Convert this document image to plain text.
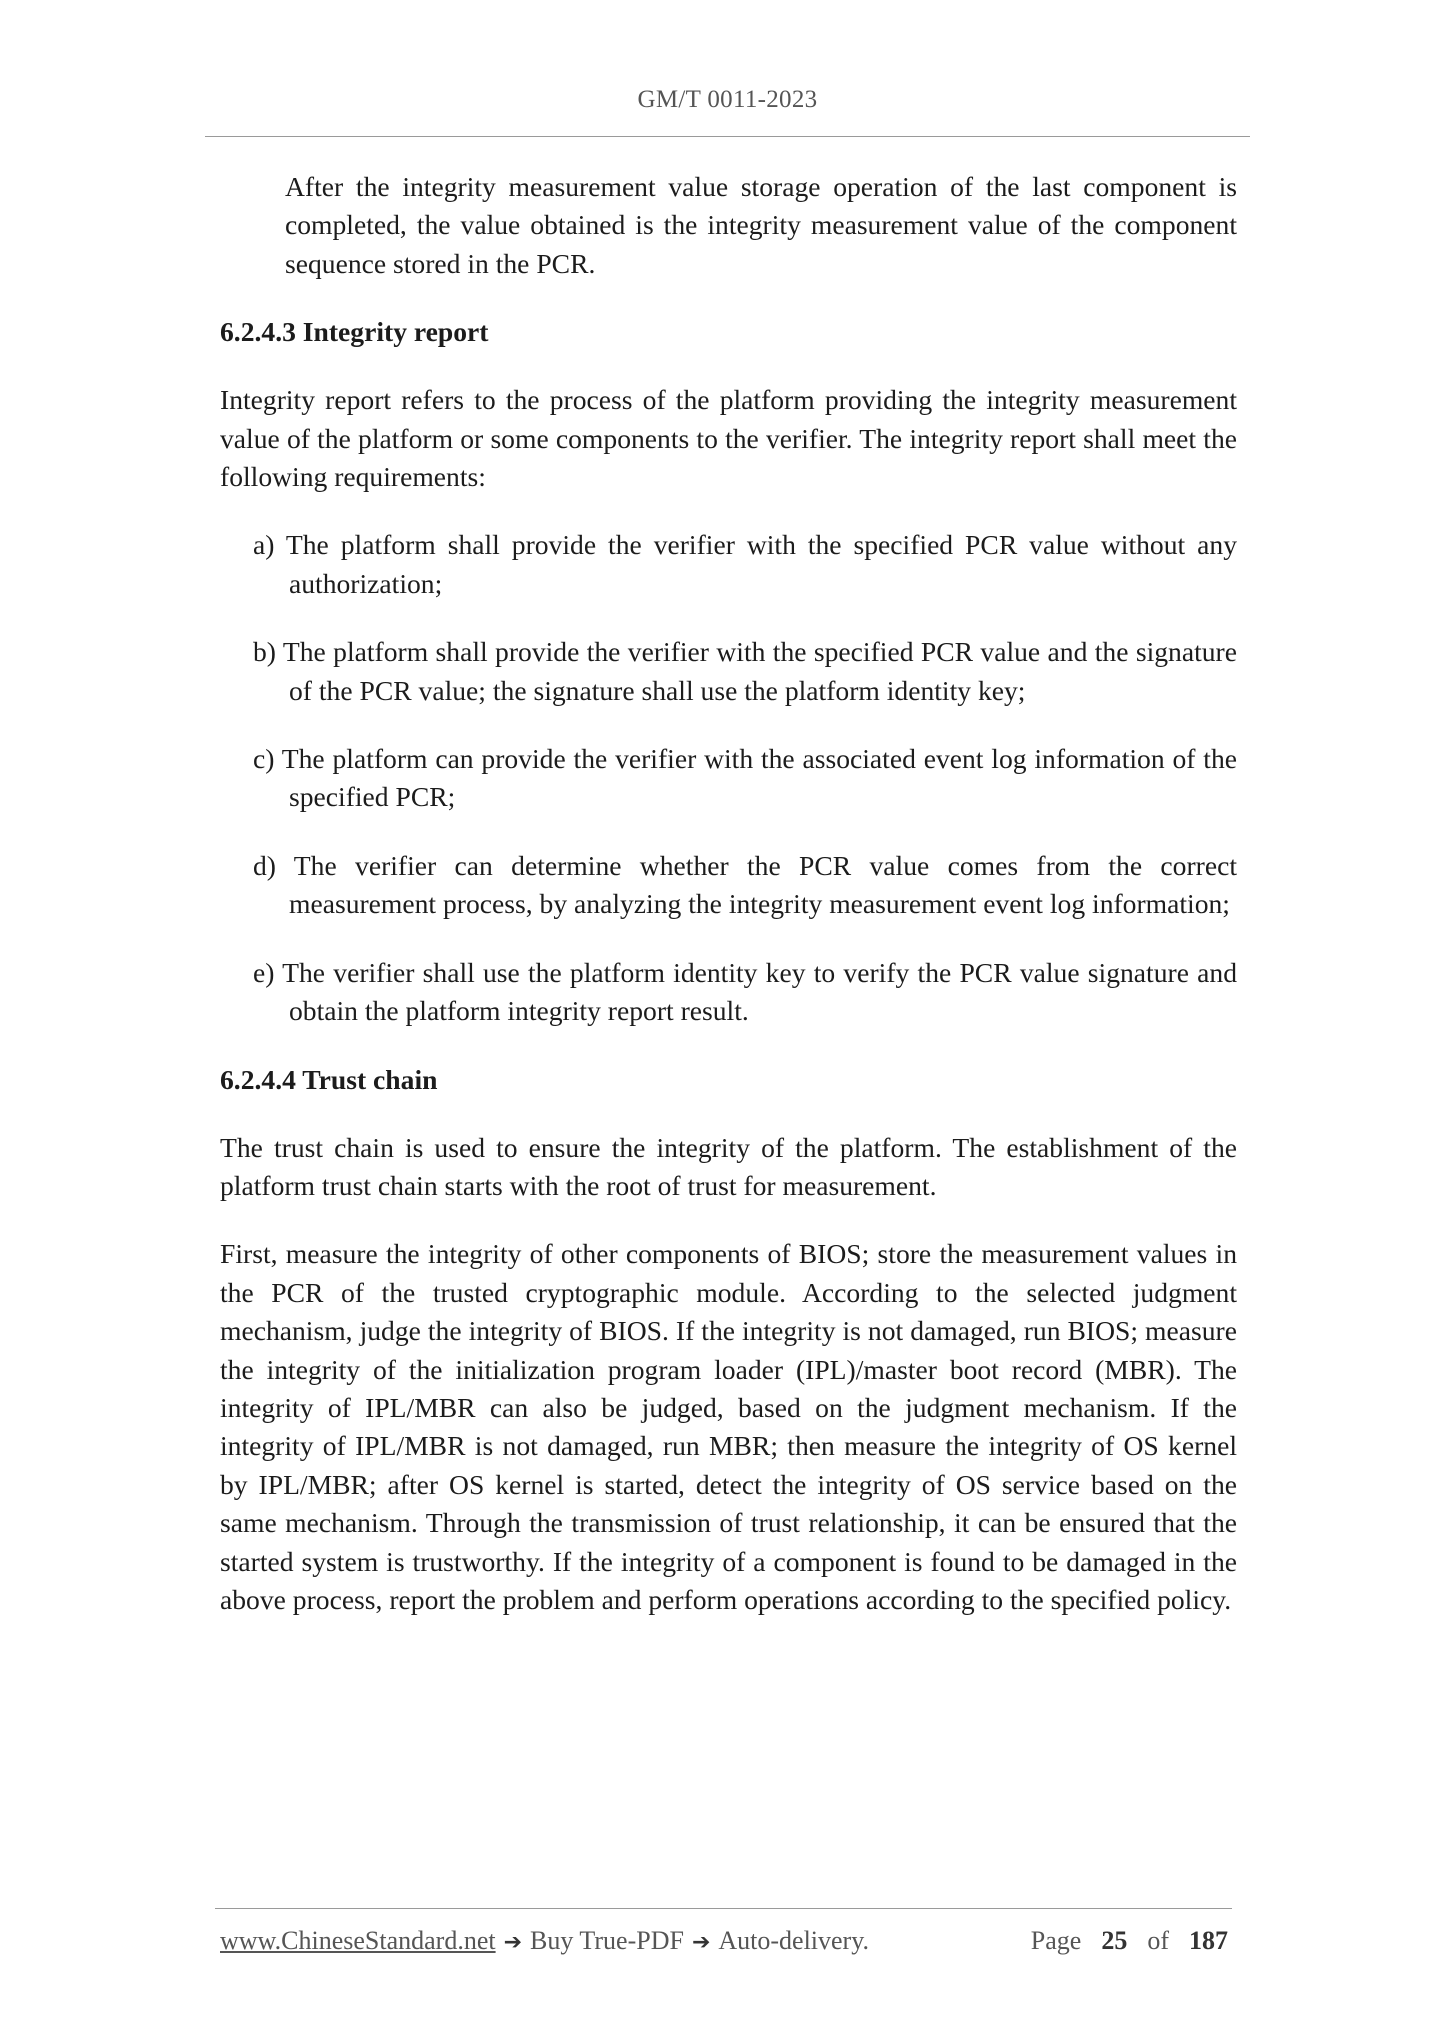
GM/T 0011-2023

After the integrity measurement value storage operation of the last component is completed, the value obtained is the integrity measurement value of the component sequence stored in the PCR.

6.2.4.3 Integrity report

Integrity report refers to the process of the platform providing the integrity measurement value of the platform or some components to the verifier. The integrity report shall meet the following requirements:

a) The platform shall provide the verifier with the specified PCR value without any authorization;

b) The platform shall provide the verifier with the specified PCR value and the signature of the PCR value; the signature shall use the platform identity key;

c) The platform can provide the verifier with the associated event log information of the specified PCR;

d) The verifier can determine whether the PCR value comes from the correct measurement process, by analyzing the integrity measurement event log information;

e) The verifier shall use the platform identity key to verify the PCR value signature and obtain the platform integrity report result.

6.2.4.4 Trust chain

The trust chain is used to ensure the integrity of the platform. The establishment of the platform trust chain starts with the root of trust for measurement.

First, measure the integrity of other components of BIOS; store the measurement values in the PCR of the trusted cryptographic module. According to the selected judgment mechanism, judge the integrity of BIOS. If the integrity is not damaged, run BIOS; measure the integrity of the initialization program loader (IPL)/master boot record (MBR). The integrity of IPL/MBR can also be judged, based on the judgment mechanism. If the integrity of IPL/MBR is not damaged, run MBR; then measure the integrity of OS kernel by IPL/MBR; after OS kernel is started, detect the integrity of OS service based on the same mechanism. Through the transmission of trust relationship, it can be ensured that the started system is trustworthy. If the integrity of a component is found to be damaged in the above process, report the problem and perform operations according to the specified policy.

www.ChineseStandard.net ➔ Buy True-PDF ➔ Auto-delivery.	Page 25 of 187
